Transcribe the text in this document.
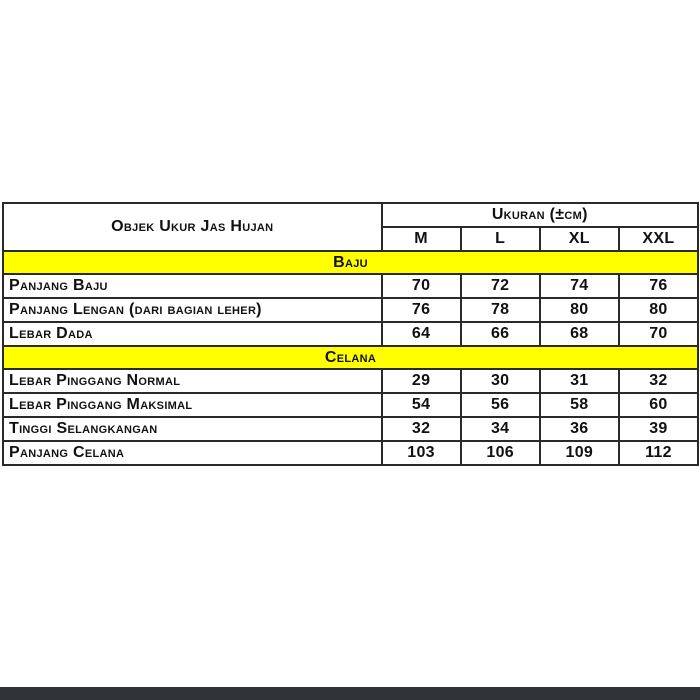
Objek Ukur Jas Hujan	Ukuran (±cm)			
	M	L	XL	XXL
Baju				
Panjang Baju	70	72	74	76
Panjang Lengan (dari bagian leher)	76	78	80	80
Lebar Dada	64	66	68	70
Celana				
Lebar Pinggang Normal	29	30	31	32
Lebar Pinggang Maksimal	54	56	58	60
Tinggi Selangkangan	32	34	36	39
Panjang Celana	103	106	109	112
